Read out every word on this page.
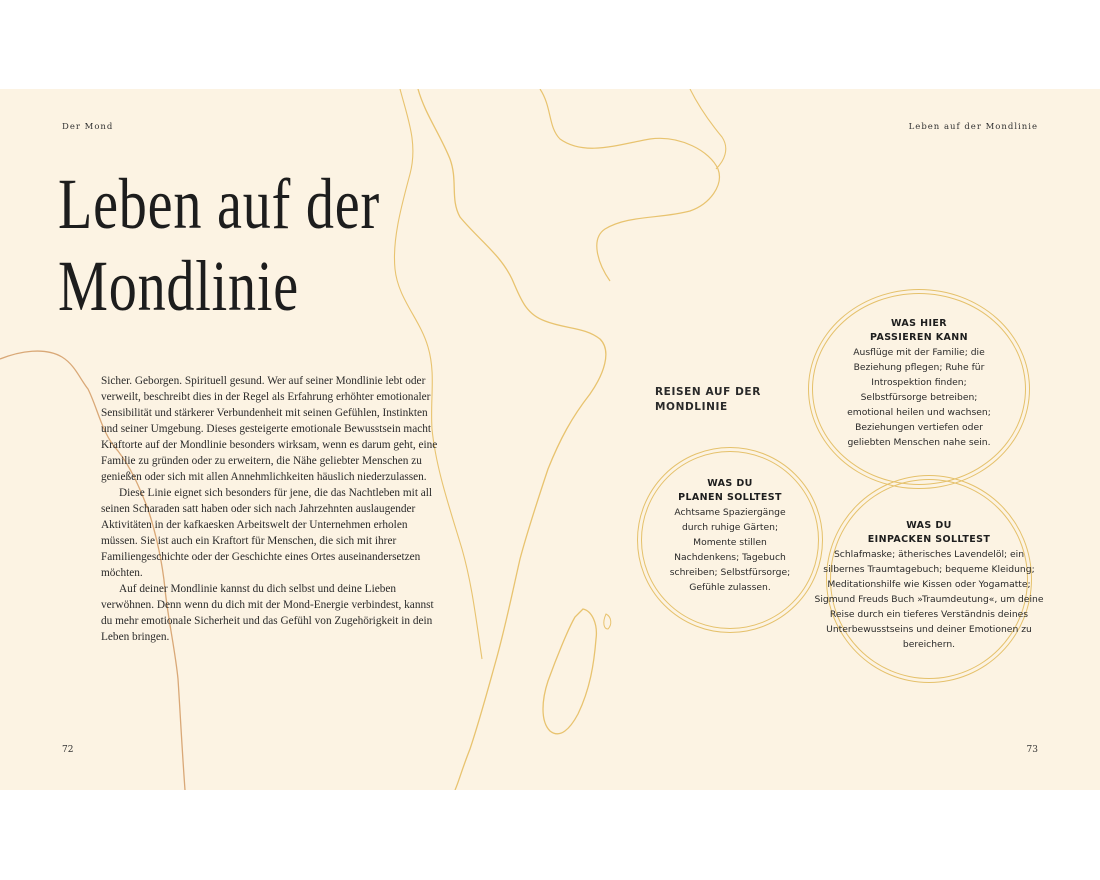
Der Mond	Leben auf der Mondlinie
Leben auf der
Mondlinie

Sicher. Geborgen. Spirituell gesund. Wer auf seiner Mondlinie lebt oder verweilt, beschreibt dies in der Regel als Erfahrung erhöhter emotionaler Sensibilität und stärkerer Verbundenheit mit seinen Gefühlen, Instinkten und seiner Umgebung. Dieses gesteigerte emotionale Bewusstsein macht Kraftorte auf der Mondlinie besonders wirksam, wenn es darum geht, eine Familie zu gründen oder zu erweitern, die Nähe geliebter Menschen zu genießen oder sich mit allen Annehmlichkeiten häuslich niederzulassen.

Diese Linie eignet sich besonders für jene, die das Nachtleben mit all seinen Scharaden satt haben oder sich nach Jahrzehnten auslaugender Aktivitäten in der kafkaesken Arbeitswelt der Unternehmen erholen müssen. Sie ist auch ein Kraftort für Menschen, die sich mit ihrer Familiengeschichte oder der Geschichte eines Ortes auseinandersetzen möchten.

Auf deiner Mondlinie kannst du dich selbst und deine Lieben verwöhnen. Denn wenn du dich mit der Mond-Energie verbindest, kannst du mehr emotionale Sicherheit und das Gefühl von Zugehörigkeit in dein Leben bringen.

REISEN AUF DER
MONDLINIE
WAS HIER
PASSIEREN KANN

Ausflüge mit der Familie; die Beziehung pflegen; Ruhe für Introspektion finden; Selbstfürsorge betreiben; emotional heilen und wachsen; Beziehungen vertiefen oder geliebten Menschen nahe sein.

WAS DU
PLANEN SOLLTEST

Achtsame Spaziergänge durch ruhige Gärten; Momente stillen Nachdenkens; Tagebuch schreiben; Selbstfürsorge; Gefühle zulassen.

WAS DU
EINPACKEN SOLLTEST

Schlafmaske; ätherisches Lavendelöl; ein silbernes Traumtagebuch; bequeme Kleidung; Meditationshilfe wie Kissen oder Yogamatte; Sigmund Freuds Buch »Traumdeutung«, um deine Reise durch ein tieferes Verständnis deines Unterbewusstseins und deiner Emotionen zu bereichern.

72	73
